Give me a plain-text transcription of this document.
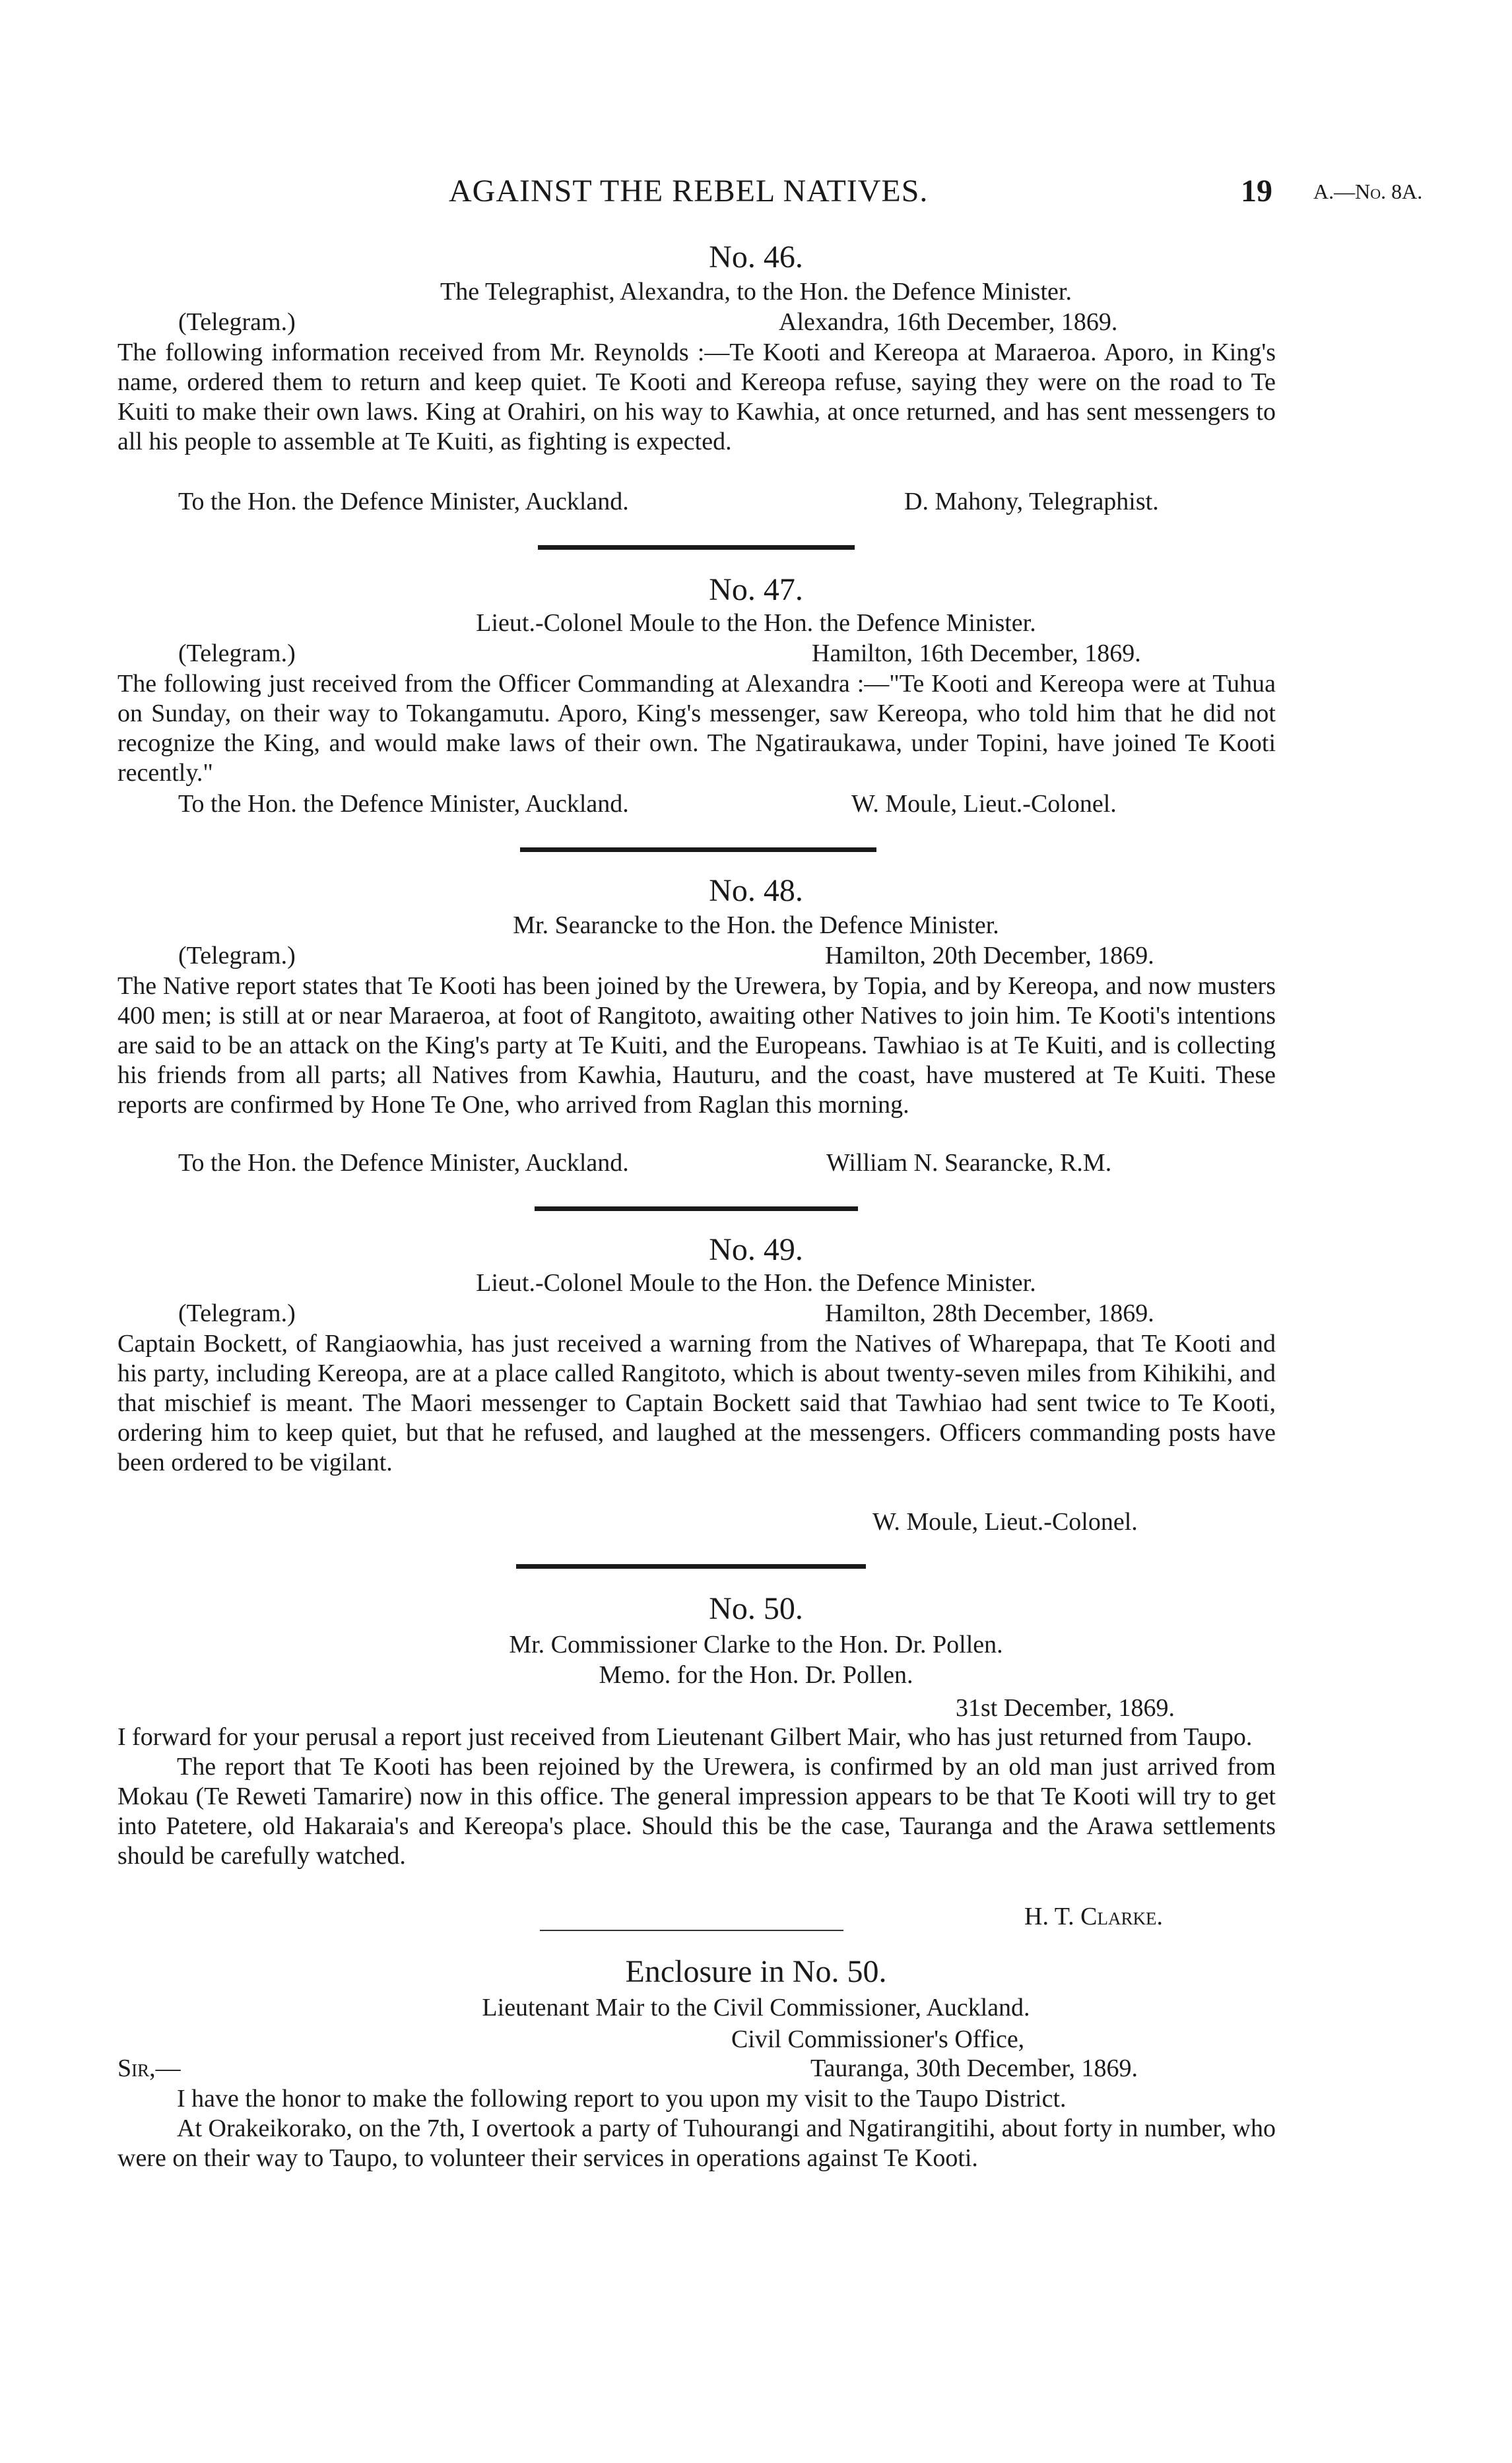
AGAINST THE REBEL NATIVES.	19 A.—No. 8A.
No. 46.
The Telegraphist, Alexandra, to the Hon. the Defence Minister.
(Telegram.)	Alexandra, 16th December, 1869.

The following information received from Mr. Reynolds :—Te Kooti and Kereopa at Maraeroa. Aporo, in King's name, ordered them to return and keep quiet. Te Kooti and Kereopa refuse, saying they were on the road to Te Kuiti to make their own laws. King at Orahiri, on his way to Kawhia, at once returned, and has sent messengers to all his people to assemble at Te Kuiti, as fighting is expected.

To the Hon. the Defence Minister, Auckland.	D. Mahony, Telegraphist.
No. 47.
Lieut.-Colonel Moule to the Hon. the Defence Minister.
(Telegram.)	Hamilton, 16th December, 1869.

The following just received from the Officer Commanding at Alexandra :—"Te Kooti and Kereopa were at Tuhua on Sunday, on their way to Tokangamutu. Aporo, King's messenger, saw Kereopa, who told him that he did not recognize the King, and would make laws of their own. The Ngatiraukawa, under Topini, have joined Te Kooti recently."

To the Hon. the Defence Minister, Auckland.	W. Moule, Lieut.-Colonel.
No. 48.
Mr. Searancke to the Hon. the Defence Minister.
(Telegram.)	Hamilton, 20th December, 1869.

The Native report states that Te Kooti has been joined by the Urewera, by Topia, and by Kereopa, and now musters 400 men; is still at or near Maraeroa, at foot of Rangitoto, awaiting other Natives to join him. Te Kooti's intentions are said to be an attack on the King's party at Te Kuiti, and the Europeans. Tawhiao is at Te Kuiti, and is collecting his friends from all parts; all Natives from Kawhia, Hauturu, and the coast, have mustered at Te Kuiti. These reports are confirmed by Hone Te One, who arrived from Raglan this morning.

To the Hon. the Defence Minister, Auckland.	William N. Searancke, R.M.
No. 49.
Lieut.-Colonel Moule to the Hon. the Defence Minister.
(Telegram.)	Hamilton, 28th December, 1869.

Captain Bockett, of Rangiaowhia, has just received a warning from the Natives of Wharepapa, that Te Kooti and his party, including Kereopa, are at a place called Rangitoto, which is about twenty-seven miles from Kihikihi, and that mischief is meant. The Maori messenger to Captain Bockett said that Tawhiao had sent twice to Te Kooti, ordering him to keep quiet, but that he refused, and laughed at the messengers. Officers commanding posts have been ordered to be vigilant.

W. Moule, Lieut.-Colonel.
No. 50.
Mr. Commissioner Clarke to the Hon. Dr. Pollen.
Memo. for the Hon. Dr. Pollen.
31st December, 1869.

I forward for your perusal a report just received from Lieutenant Gilbert Mair, who has just returned from Taupo.

The report that Te Kooti has been rejoined by the Urewera, is confirmed by an old man just arrived from Mokau (Te Reweti Tamarire) now in this office. The general impression appears to be that Te Kooti will try to get into Patetere, old Hakaraia's and Kereopa's place. Should this be the case, Tauranga and the Arawa settlements should be carefully watched.

H. T. Clarke.
Enclosure in No. 50.
Lieutenant Mair to the Civil Commissioner, Auckland.
Civil Commissioner's Office,
Sir,—	Tauranga, 30th December, 1869.

I have the honor to make the following report to you upon my visit to the Taupo District.

At Orakeikorako, on the 7th, I overtook a party of Tuhourangi and Ngatirangitihi, about forty in number, who were on their way to Taupo, to volunteer their services in operations against Te Kooti.
